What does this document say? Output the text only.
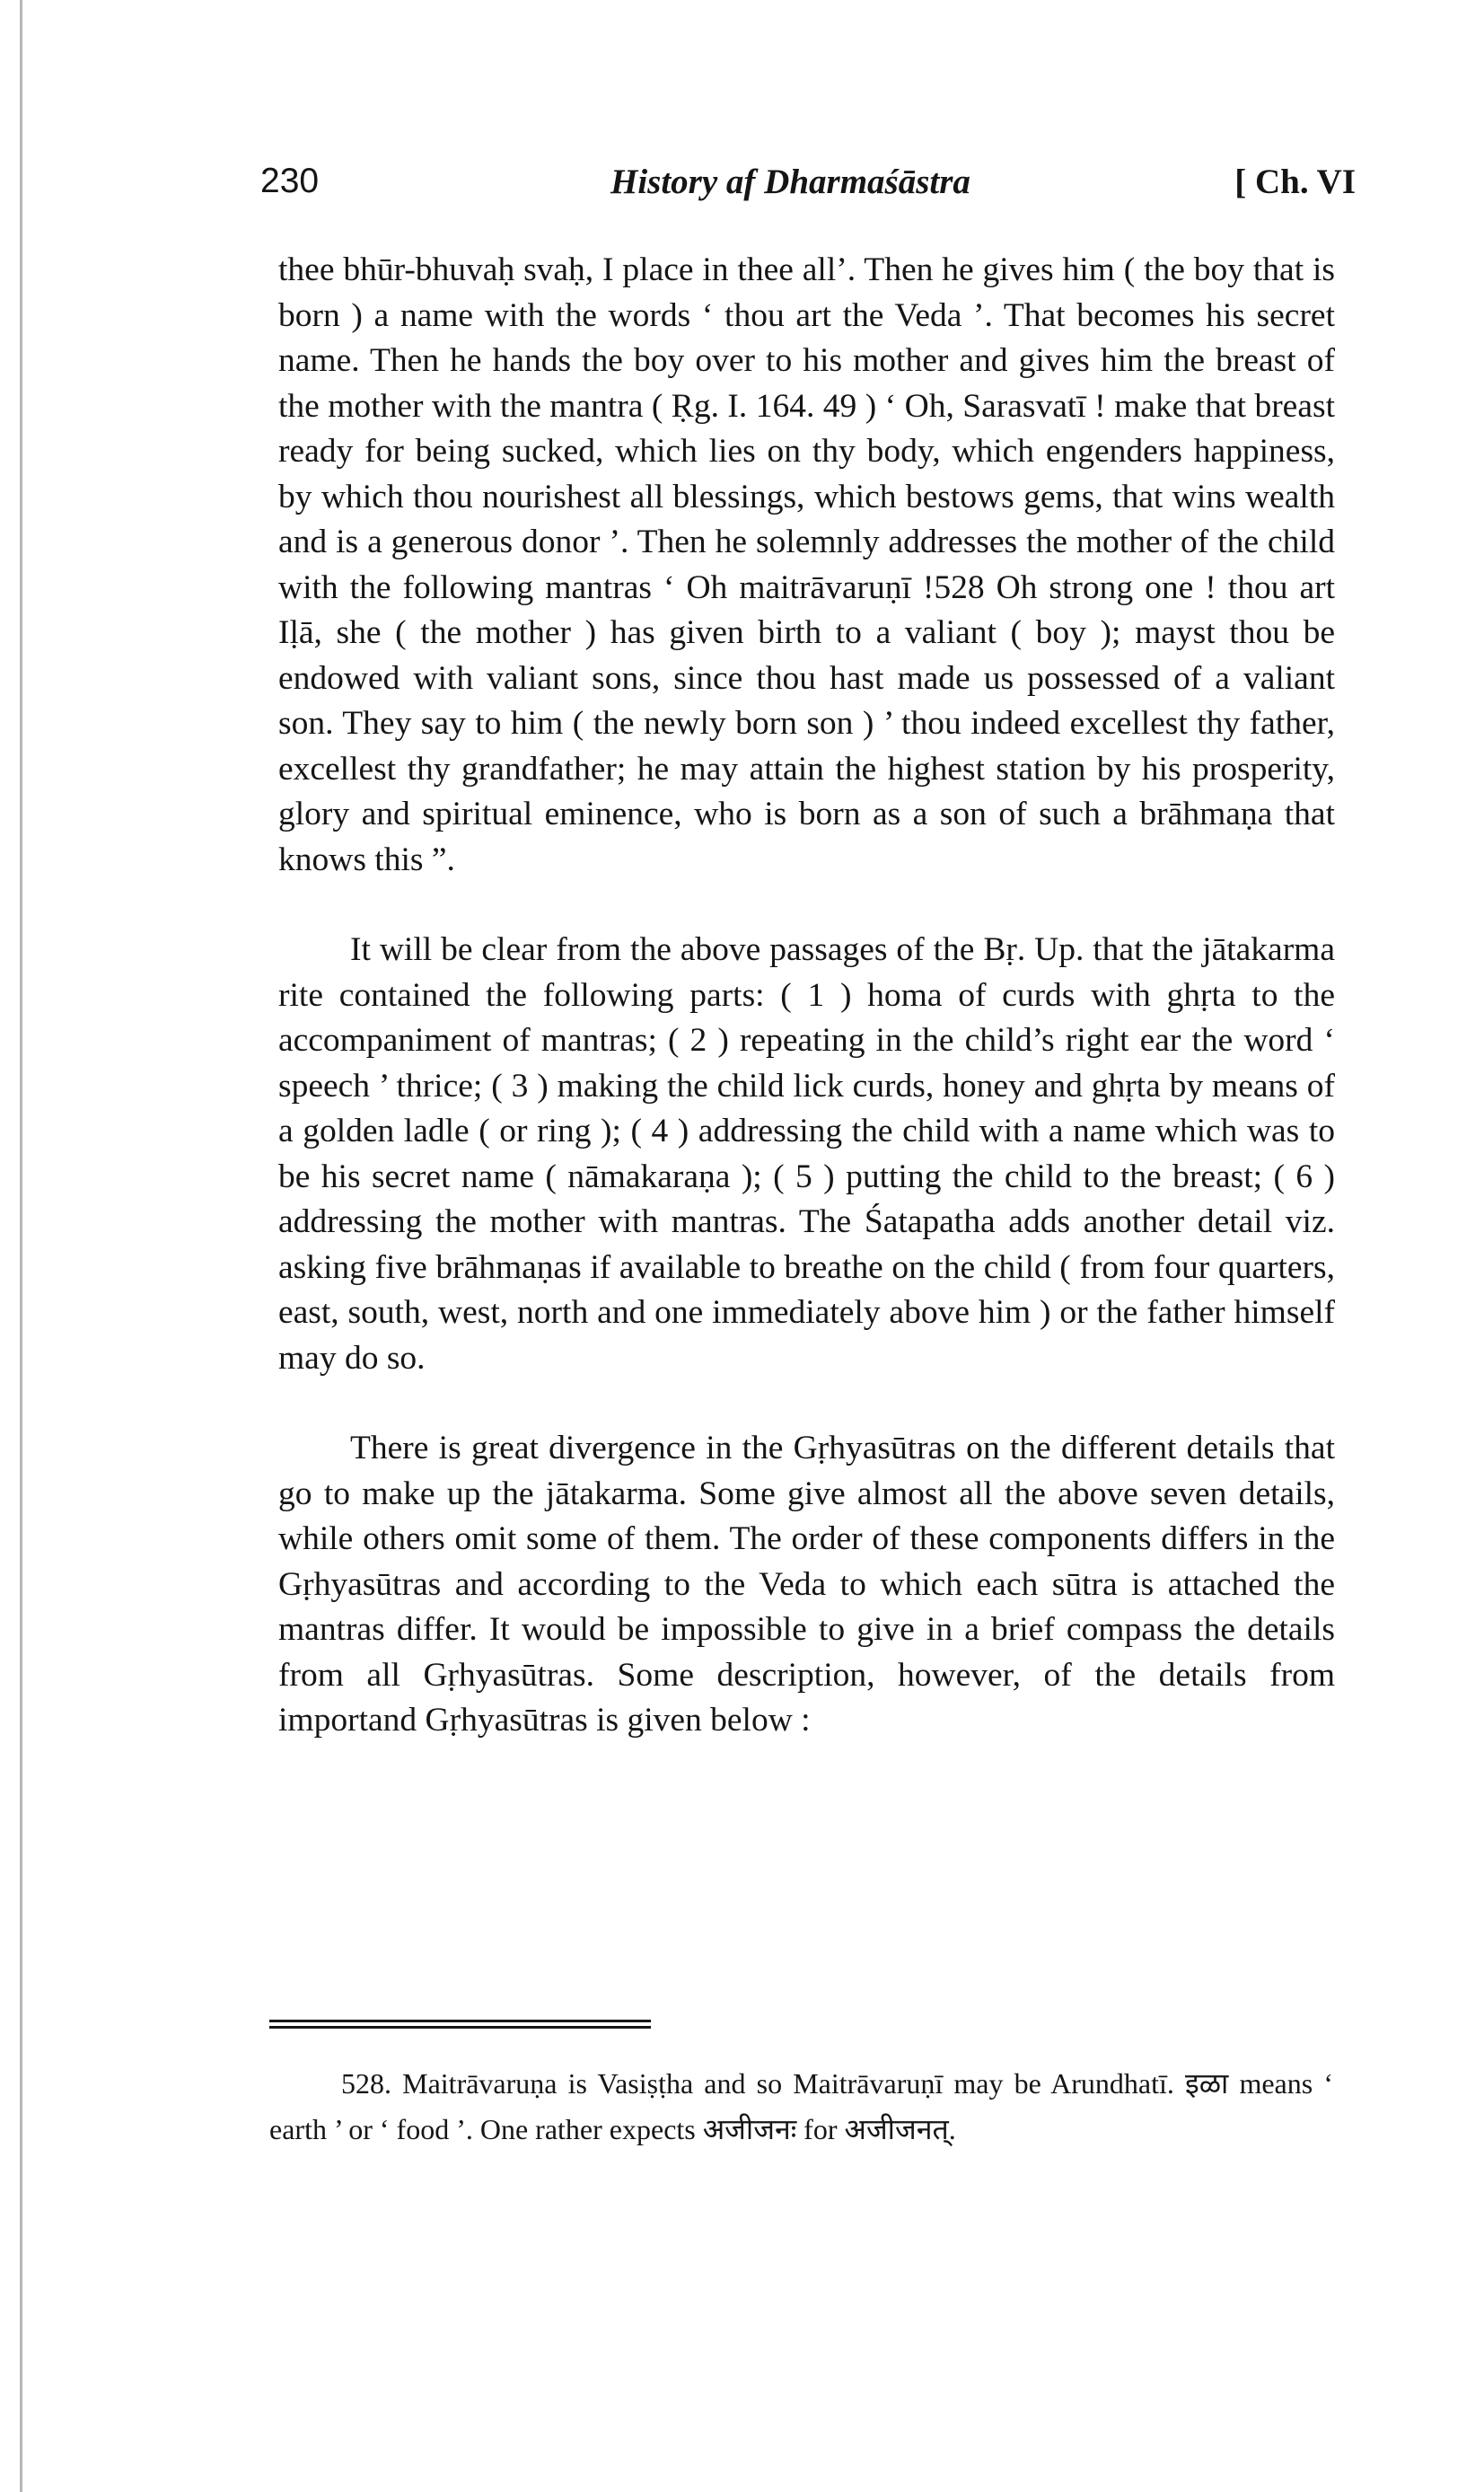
230	History af Dharmaśāstra	[ Ch. VI

thee bhūr-bhuvaḥ svaḥ, I place in thee all’. Then he gives him ( the boy that is born ) a name with the words ‘ thou art the Veda ’. That becomes his secret name. Then he hands the boy over to his mother and gives him the breast of the mother with the mantra ( Ṛg. I. 164. 49 ) ‘ Oh, Sarasvatī ! make that breast ready for being sucked, which lies on thy body, which engenders happiness, by which thou nourishest all blessings, which bestows gems, that wins wealth and is a generous donor ’. Then he solemnly addresses the mother of the child with the following mantras ‘ Oh maitrāvaruṇī !528 Oh strong one ! thou art Iḷā, she ( the mother ) has given birth to a valiant ( boy ); mayst thou be endowed with valiant sons, since thou hast made us possessed of a valiant son. They say to him ( the newly born son ) ’ thou indeed excellest thy father, excellest thy grandfather; he may attain the highest station by his prosperity, glory and spiritual eminence, who is born as a son of such a brāhmaṇa that knows this ”.

It will be clear from the above passages of the Bṛ. Up. that the jātakarma rite contained the following parts: ( 1 ) homa of curds with ghṛta to the accompaniment of mantras; ( 2 ) repeating in the child’s right ear the word ‘ speech ’ thrice; ( 3 ) making the child lick curds, honey and ghṛta by means of a golden ladle ( or ring ); ( 4 ) addressing the child with a name which was to be his secret name ( nāmakaraṇa ); ( 5 ) putting the child to the breast; ( 6 ) addressing the mother with mantras. The Śatapatha adds another detail viz. asking five brāhmaṇas if available to breathe on the child ( from four quarters, east, south, west, north and one immediately above him ) or the father himself may do so.

There is great divergence in the Gṛhyasūtras on the different details that go to make up the jātakarma. Some give almost all the above seven details, while others omit some of them. The order of these components differs in the Gṛhyasūtras and according to the Veda to which each sūtra is attached the mantras differ. It would be impossible to give in a brief compass the details from all Gṛhyasūtras. Some description, however, of the details from importand Gṛhyasūtras is given below :

528. Maitrāvaruṇa is Vasiṣṭha and so Maitrāvaruṇī may be Arundhatī. इळा means ‘ earth ’ or ‘ food ’. One rather expects अजीजनः for अजीजनत्.
